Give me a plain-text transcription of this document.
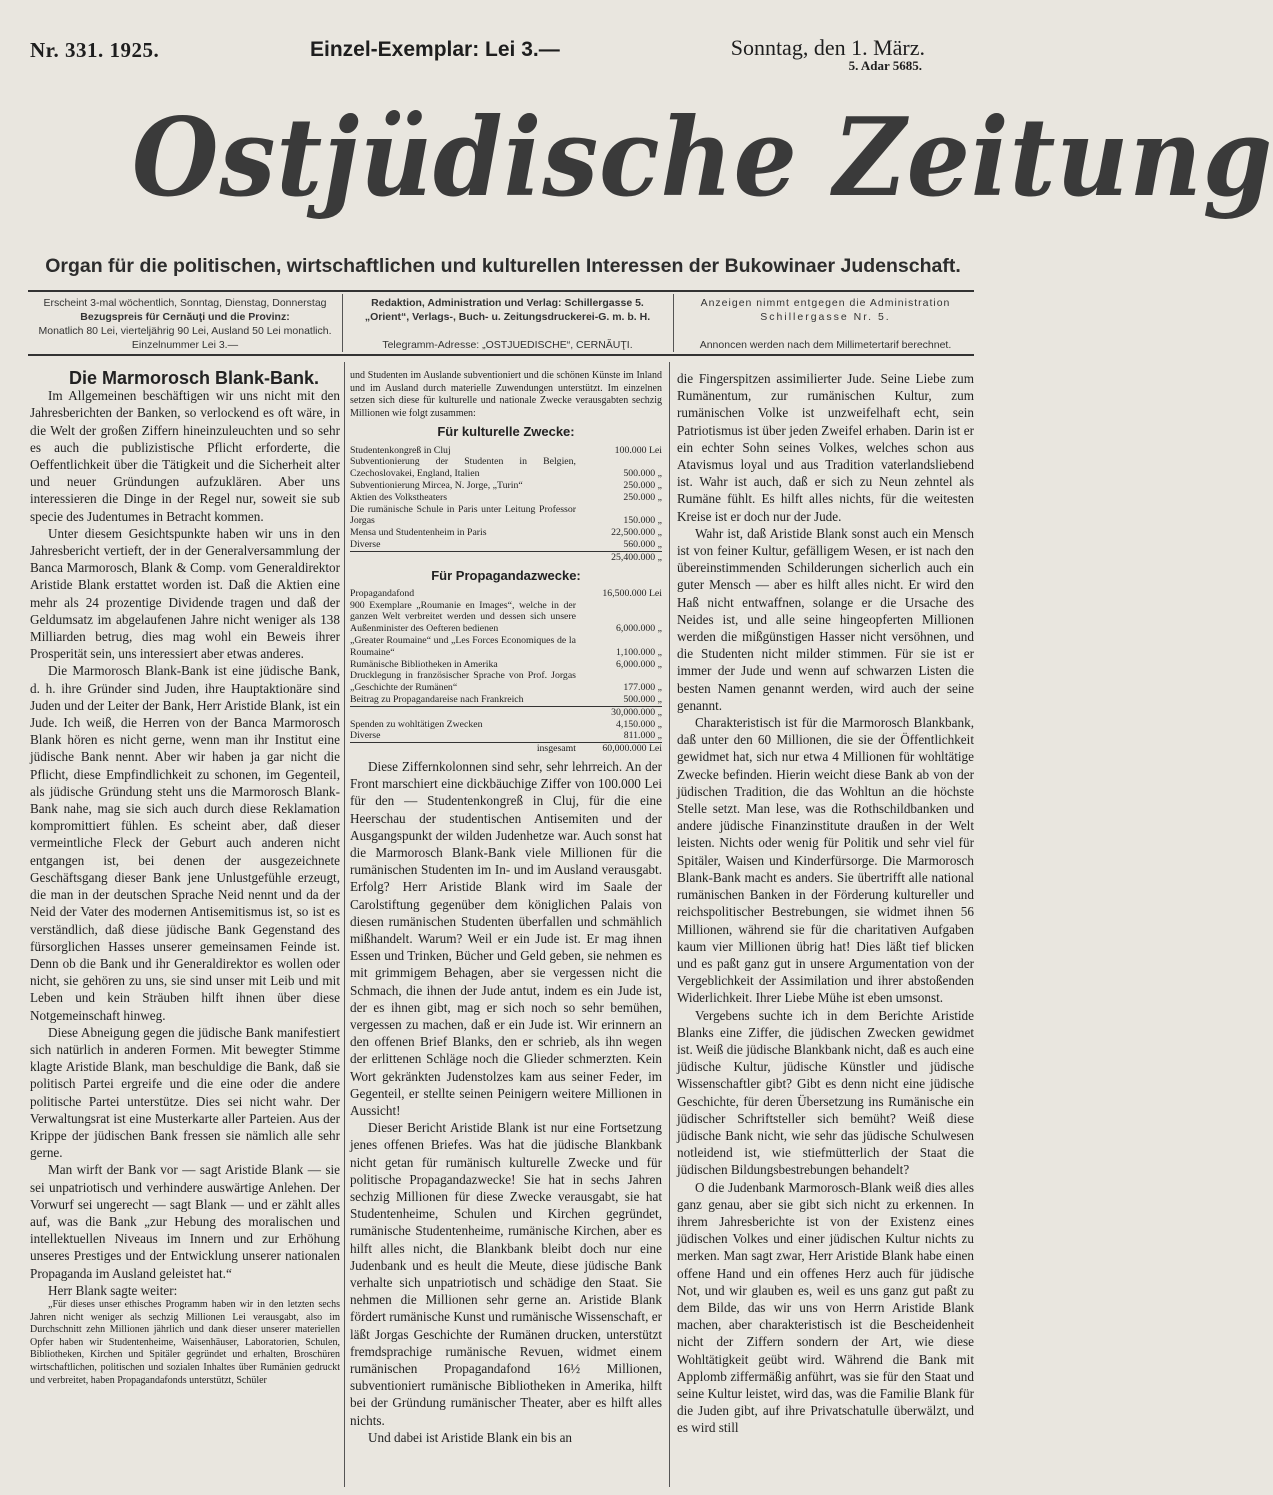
Nr. 331. 1925.	Einzel-Exemplar: Lei 3.—	Sonntag, den 1. März.
5. Adar 5685.
Ostjüdische Zeitung
Organ für die politischen, wirtschaftlichen und kulturellen Interessen der Bukowinaer Judenschaft.
Erscheint 3-mal wöchentlich, Sonntag, Dienstag, Donnerstag
Bezugspreis für Cernăuţi und die Provinz:
Monatlich 80 Lei, vierteljährig 90 Lei, Ausland 50 Lei monatlich.
Einzelnummer Lei 3.—
Redaktion, Administration und Verlag: Schillergasse 5.
„Orient“, Verlags-, Buch- u. Zeitungsdruckerei-G. m. b. H.
Telegramm-Adresse: „OSTJUEDISCHE“, CERNĂUŢI.
Anzeigen nimmt entgegen die Administration
Schillergasse Nr. 5.
Annoncen werden nach dem Millimetertarif berechnet.

Die Marmorosch Blank-Bank.

Im Allgemeinen beschäftigen wir uns nicht mit den Jahresberichten der Banken, so verlockend es oft wäre, in die Welt der großen Ziffern hineinzuleuchten und so sehr es auch die publizistische Pflicht erforderte, die Oeffentlichkeit über die Tätigkeit und die Sicherheit alter und neuer Gründungen aufzuklären. Aber uns interessieren die Dinge in der Regel nur, soweit sie sub specie des Judentumes in Betracht kommen.

Unter diesem Gesichtspunkte haben wir uns in den Jahresbericht vertieft, der in der Generalversammlung der Banca Marmorosch, Blank & Comp. vom Generaldirektor Aristide Blank erstattet worden ist. Daß die Aktien eine mehr als 24 prozentige Dividende tragen und daß der Geldumsatz im abgelaufenen Jahre nicht weniger als 138 Milliarden betrug, dies mag wohl ein Beweis ihrer Prosperität sein, uns interessiert aber etwas anderes.

Die Marmorosch Blank-Bank ist eine jüdische Bank, d. h. ihre Gründer sind Juden, ihre Hauptaktionäre sind Juden und der Leiter der Bank, Herr Aristide Blank, ist ein Jude. Ich weiß, die Herren von der Banca Marmorosch Blank hören es nicht gerne, wenn man ihr Institut eine jüdische Bank nennt. Aber wir haben ja gar nicht die Pflicht, diese Empfindlichkeit zu schonen, im Gegenteil, als jüdische Gründung steht uns die Marmorosch Blank-Bank nahe, mag sie sich auch durch diese Reklamation kompromittiert fühlen. Es scheint aber, daß dieser vermeintliche Fleck der Geburt auch anderen nicht entgangen ist, bei denen der ausgezeichnete Geschäftsgang dieser Bank jene Unlustgefühle erzeugt, die man in der deutschen Sprache Neid nennt und da der Neid der Vater des modernen Antisemitismus ist, so ist es verständlich, daß diese jüdische Bank Gegenstand des fürsorglichen Hasses unserer gemeinsamen Feinde ist. Denn ob die Bank und ihr Generaldirektor es wollen oder nicht, sie gehören zu uns, sie sind unser mit Leib und mit Leben und kein Sträuben hilft ihnen über diese Notgemeinschaft hinweg.

Diese Abneigung gegen die jüdische Bank manifestiert sich natürlich in anderen Formen. Mit bewegter Stimme klagte Aristide Blank, man beschuldige die Bank, daß sie politisch Partei ergreife und die eine oder die andere politische Partei unterstütze. Dies sei nicht wahr. Der Verwaltungsrat ist eine Musterkarte aller Parteien. Aus der Krippe der jüdischen Bank fressen sie nämlich alle sehr gerne.

Man wirft der Bank vor — sagt Aristide Blank — sie sei unpatriotisch und verhindere auswärtige Anlehen. Der Vorwurf sei ungerecht — sagt Blank — und er zählt alles auf, was die Bank „zur Hebung des moralischen und intellektuellen Niveaus im Innern und zur Erhöhung unseres Prestiges und der Entwicklung unserer nationalen Propaganda im Ausland geleistet hat.“

Herr Blank sagte weiter:

„Für dieses unser ethisches Programm haben wir in den letzten sechs Jahren nicht weniger als sechzig Millionen Lei verausgabt, also im Durchschnitt zehn Millionen jährlich und dank dieser unserer materiellen Opfer haben wir Studentenheime, Waisenhäuser, Laboratorien, Schulen, Bibliotheken, Kirchen und Spitäler gegründet und erhalten, Broschüren wirtschaftlichen, politischen und sozialen Inhaltes über Rumänien gedruckt und verbreitet, haben Propagandafonds unterstützt, Schüler

und Studenten im Auslande subventioniert und die schönen Künste im Inland und im Ausland durch materielle Zuwendungen unterstützt. Im einzelnen setzen sich diese für kulturelle und nationale Zwecke verausgabten sechzig Millionen wie folgt zusammen:

Für kulturelle Zwecke:
Studentenkongreß in Cluj	100.000 Lei
Subventionierung der Studenten in Belgien, Czechoslovakei, England, Italien	500.000 „
Subventionierung Mircea, N. Jorge, „Turin“	250.000 „
Aktien des Volkstheaters	250.000 „
Die rumänische Schule in Paris unter Leitung Professor Jorgas	150.000 „
Mensa und Studentenheim in Paris	22,500.000 „
Diverse	560.000 „
	25,400.000 „
Für Propagandazwecke:
Propagandafond	16,500.000 Lei
900 Exemplare „Roumanie en Images“, welche in der ganzen Welt verbreitet werden und dessen sich unsere Außenminister des Oefteren bedienen	6,000.000 „
„Greater Roumaine“ und „Les Forces Economiques de la Roumaine“	1,100.000 „
Rumänische Bibliotheken in Amerika	6,000.000 „
Drucklegung in französischer Sprache von Prof. Jorgas „Geschichte der Rumänen“	177.000 „
Beitrag zu Propagandareise nach Frankreich	500.000 „
	30,000.000 „
Spenden zu wohltätigen Zwecken	4,150.000 „
Diverse	811.000 „
insgesamt	60,000.000 Lei

Diese Ziffernkolonnen sind sehr, sehr lehrreich. An der Front marschiert eine dickbäuchige Ziffer von 100.000 Lei für den — Studentenkongreß in Cluj, für die eine Heerschau der studentischen Antisemiten und der Ausgangspunkt der wilden Judenhetze war. Auch sonst hat die Marmorosch Blank-Bank viele Millionen für die rumänischen Studenten im In- und im Ausland verausgabt. Erfolg? Herr Aristide Blank wird im Saale der Carolstiftung gegenüber dem königlichen Palais von diesen rumänischen Studenten überfallen und schmählich mißhandelt. Warum? Weil er ein Jude ist. Er mag ihnen Essen und Trinken, Bücher und Geld geben, sie nehmen es mit grimmigem Behagen, aber sie vergessen nicht die Schmach, die ihnen der Jude antut, indem es ein Jude ist, der es ihnen gibt, mag er sich noch so sehr bemühen, vergessen zu machen, daß er ein Jude ist. Wir erinnern an den offenen Brief Blanks, den er schrieb, als ihn wegen der erlittenen Schläge noch die Glieder schmerzten. Kein Wort gekränkten Judenstolzes kam aus seiner Feder, im Gegenteil, er stellte seinen Peinigern weitere Millionen in Aussicht!

Dieser Bericht Aristide Blank ist nur eine Fortsetzung jenes offenen Briefes. Was hat die jüdische Blankbank nicht getan für rumänisch kulturelle Zwecke und für politische Propagandazwecke! Sie hat in sechs Jahren sechzig Millionen für diese Zwecke verausgabt, sie hat Studentenheime, Schulen und Kirchen gegründet, rumänische Studentenheime, rumänische Kirchen, aber es hilft alles nicht, die Blankbank bleibt doch nur eine Judenbank und es heult die Meute, diese jüdische Bank verhalte sich unpatriotisch und schädige den Staat. Sie nehmen die Millionen sehr gerne an. Aristide Blank fördert rumänische Kunst und rumänische Wissenschaft, er läßt Jorgas Geschichte der Rumänen drucken, unterstützt fremdsprachige rumänische Revuen, widmet einem rumänischen Propagandafond 16½ Millionen, subventioniert rumänische Bibliotheken in Amerika, hilft bei der Gründung rumänischer Theater, aber es hilft alles nichts.

Und dabei ist Aristide Blank ein bis an

die Fingerspitzen assimilierter Jude. Seine Liebe zum Rumänentum, zur rumänischen Kultur, zum rumänischen Volke ist unzweifelhaft echt, sein Patriotismus ist über jeden Zweifel erhaben. Darin ist er ein echter Sohn seines Volkes, welches schon aus Atavismus loyal und aus Tradition vaterlandsliebend ist. Wahr ist auch, daß er sich zu Neun zehntel als Rumäne fühlt. Es hilft alles nichts, für die weitesten Kreise ist er doch nur der Jude.

Wahr ist, daß Aristide Blank sonst auch ein Mensch ist von feiner Kultur, gefälligem Wesen, er ist nach den übereinstimmenden Schilderungen sicherlich auch ein guter Mensch — aber es hilft alles nicht. Er wird den Haß nicht entwaffnen, solange er die Ursache des Neides ist, und alle seine hingeopferten Millionen werden die mißgünstigen Hasser nicht versöhnen, und die Studenten nicht milder stimmen. Für sie ist er immer der Jude und wenn auf schwarzen Listen die besten Namen genannt werden, wird auch der seine genannt.

Charakteristisch ist für die Marmorosch Blankbank, daß unter den 60 Millionen, die sie der Öffentlichkeit gewidmet hat, sich nur etwa 4 Millionen für wohltätige Zwecke befinden. Hierin weicht diese Bank ab von der jüdischen Tradition, die das Wohltun an die höchste Stelle setzt. Man lese, was die Rothschildbanken und andere jüdische Finanzinstitute draußen in der Welt leisten. Nichts oder wenig für Politik und sehr viel für Spitäler, Waisen und Kinderfürsorge. Die Marmorosch Blank-Bank macht es anders. Sie übertrifft alle national rumänischen Banken in der Förderung kultureller und reichspolitischer Bestrebungen, sie widmet ihnen 56 Millionen, während sie für die charitativen Aufgaben kaum vier Millionen übrig hat! Dies läßt tief blicken und es paßt ganz gut in unsere Argumentation von der Vergeblichkeit der Assimilation und ihrer abstoßenden Widerlichkeit. Ihrer Liebe Mühe ist eben umsonst.

Vergebens suchte ich in dem Berichte Aristide Blanks eine Ziffer, die jüdischen Zwecken gewidmet ist. Weiß die jüdische Blankbank nicht, daß es auch eine jüdische Kultur, jüdische Künstler und jüdische Wissenschaftler gibt? Gibt es denn nicht eine jüdische Geschichte, für deren Übersetzung ins Rumänische ein jüdischer Schriftsteller sich bemüht? Weiß diese jüdische Bank nicht, wie sehr das jüdische Schulwesen notleidend ist, wie stiefmütterlich der Staat die jüdischen Bildungsbestrebungen behandelt?

O die Judenbank Marmorosch-Blank weiß dies alles ganz genau, aber sie gibt sich nicht zu erkennen. In ihrem Jahresberichte ist von der Existenz eines jüdischen Volkes und einer jüdischen Kultur nichts zu merken. Man sagt zwar, Herr Aristide Blank habe einen offene Hand und ein offenes Herz auch für jüdische Not, und wir glauben es, weil es uns ganz gut paßt zu dem Bilde, das wir uns von Herrn Aristide Blank machen, aber charakteristisch ist die Bescheidenheit nicht der Ziffern sondern der Art, wie diese Wohltätigkeit geübt wird. Während die Bank mit Applomb ziffermäßig anführt, was sie für den Staat und seine Kultur leistet, wird das, was die Familie Blank für die Juden gibt, auf ihre Privatschatulle überwälzt, und es wird still
